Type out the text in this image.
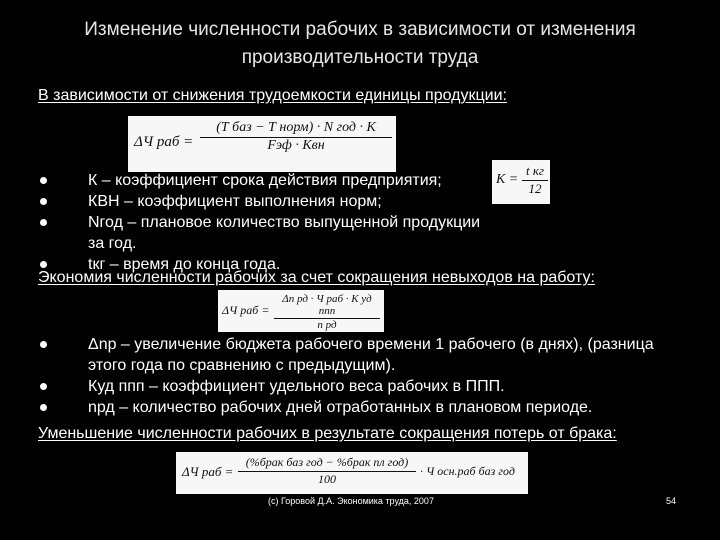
Изменение численности рабочих в зависимости от изменения производительности труда
В зависимости от снижения трудоемкости единицы продукции:
ΔЧ раб =
(Т баз − Т норм) · N год · К
Fэф · Квн
К =
t кг
12
К – коэффициент срока действия предприятия;
КВН – коэффициент выполнения норм;
Nгод – плановое количество выпущенной продукции за год.
tкг – время до конца года.
Экономия численности рабочих за счет сокращения невыходов на работу:
ΔЧ раб =
Δn рд · Ч раб · К уд ппп
n рд
Δnр – увеличение бюджета рабочего времени 1 рабочего (в днях), (разница этого года по сравнению с предыдущим).
Куд ппп – коэффициент удельного веса рабочих в ППП.
nрд – количество рабочих дней отработанных в плановом периоде.
Уменьшение численности рабочих в результате сокращения потерь от брака:
ΔЧ раб =
(%брак баз год − %брак пл год)
100
· Ч осн.раб баз год
(с) Горовой Д.А. Экономика труда, 2007	54
